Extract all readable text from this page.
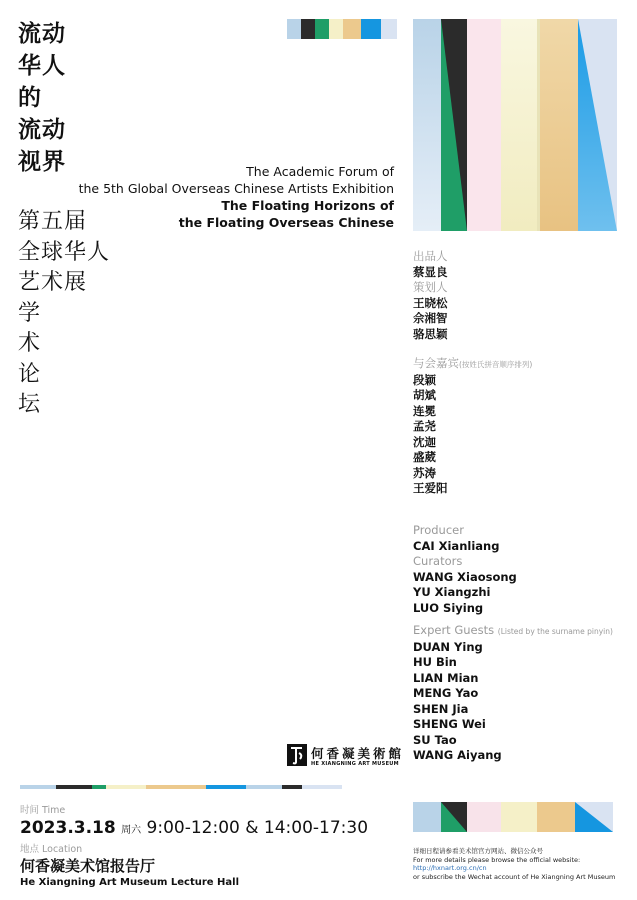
流动
华人
的
流动
视界
第五届
全球华人
艺术展
学
术
论
坛
The Academic Forum of
the 5th Global Overseas Chinese Artists Exhibition
The Floating Horizons of
the Floating Overseas Chinese
出品人
蔡显良
策划人
王晓松
佘湘智
骆思颖
与会嘉宾(按姓氏拼音顺序排列)
段颖
胡斌
连冕
孟尧
沈迦
盛葳
苏涛
王爱阳
Producer
CAI Xianliang
Curators
WANG Xiaosong
YU Xiangzhi
LUO Siying
Expert Guests (Listed by the surname pinyin)
DUAN Ying
HU Bin
LIAN Mian
MENG Yao
SHEN Jia
SHENG Wei
SU Tao
WANG Aiyang
何香凝美術館
HE XIANGNING ART MUSEUM
时间 Time
2023.3.18 周六 9:00-12:00 & 14:00-17:30
地点 Location
何香凝美术馆报告厅
He Xiangning Art Museum Lecture Hall
详细日程请参看美术馆官方网站、微信公众号
For more details please browse the official website:
http://hxnart.org.cn/cn
or subscribe the Wechat account of He Xiangning Art Museum
